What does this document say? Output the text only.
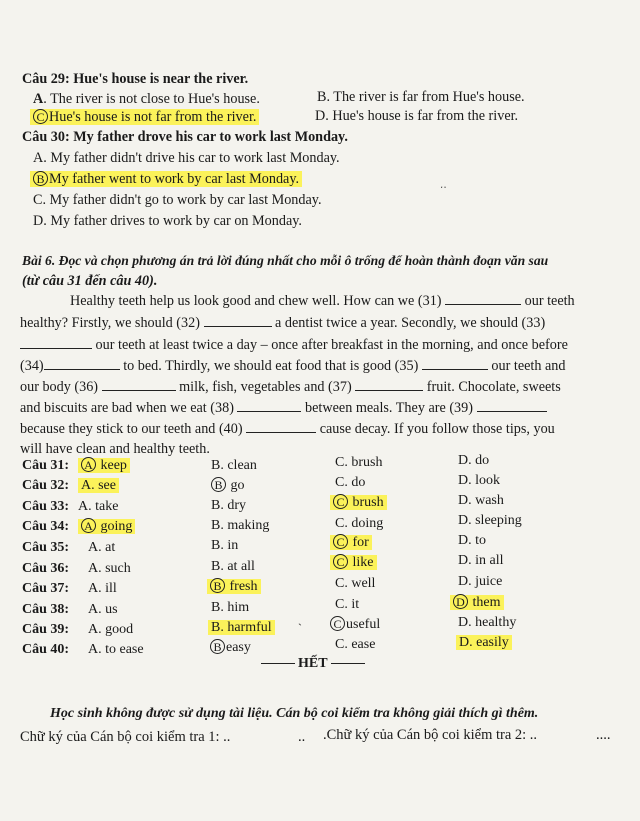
Câu 29: Hue's house is near the river.
A. The river is not close to Hue's house.	B. The river is far from Hue's house.
C Hue's house is not far from the river.	D. Hue's house is far from the river.
Câu 30: My father drove his car to work last Monday.
A. My father didn't drive his car to work last Monday.
B My father went to work by car last Monday.
C. My father didn't go to work by car last Monday.
D. My father drives to work by car on Monday.
ˑˑ
Bài 6. Đọc và chọn phương án trả lời đúng nhất cho mỗi ô trống để hoàn thành đoạn văn sau
(từ câu 31 đến câu 40).
Healthy teeth help us look good and chew well. How can we (31)	our teeth
healthy? Firstly, we should (32)	a dentist twice a year. Secondly, we should (33)
our teeth at least twice a day – once after breakfast in the morning, and once before
(34)	to bed. Thirdly, we should eat food that is good (35)	our teeth and
our body (36)	milk, fish, vegetables and (37)	fruit. Chocolate, sweets
and biscuits are bad when we eat (38)	between meals. They are (39)
because they stick to our teeth and (40)	cause decay. If you follow those tips, you
will have clean and healthy teeth.
Câu 31:	A keep	B. clean	C. brush	D. do
Câu 32: A. see	B go	C. do	D. look
Câu 33: A. take	B. dry	C brush	D. wash
Câu 34:	A going	B. making	C. doing	D. sleeping
Câu 35: A. at	B. in	C for	D. to
Câu 36: A. such	B. at all	C like	D. in all
Câu 37: A. ill	B fresh	C. well	D. juice
Câu 38: A. us	B. him	C. it	D them
Câu 39: A. good	B. harmful	C useful	D. healthy
Câu 40: A. to ease	B easy	C. ease	D. easily
ˎ
HẾT
Học sinh không được sử dụng tài liệu. Cán bộ coi kiểm tra không giải thích gì thêm.
Chữ ký của Cán bộ coi kiểm tra 1: ..	.. .Chữ ký của Cán bộ coi kiểm tra 2: ..	....
